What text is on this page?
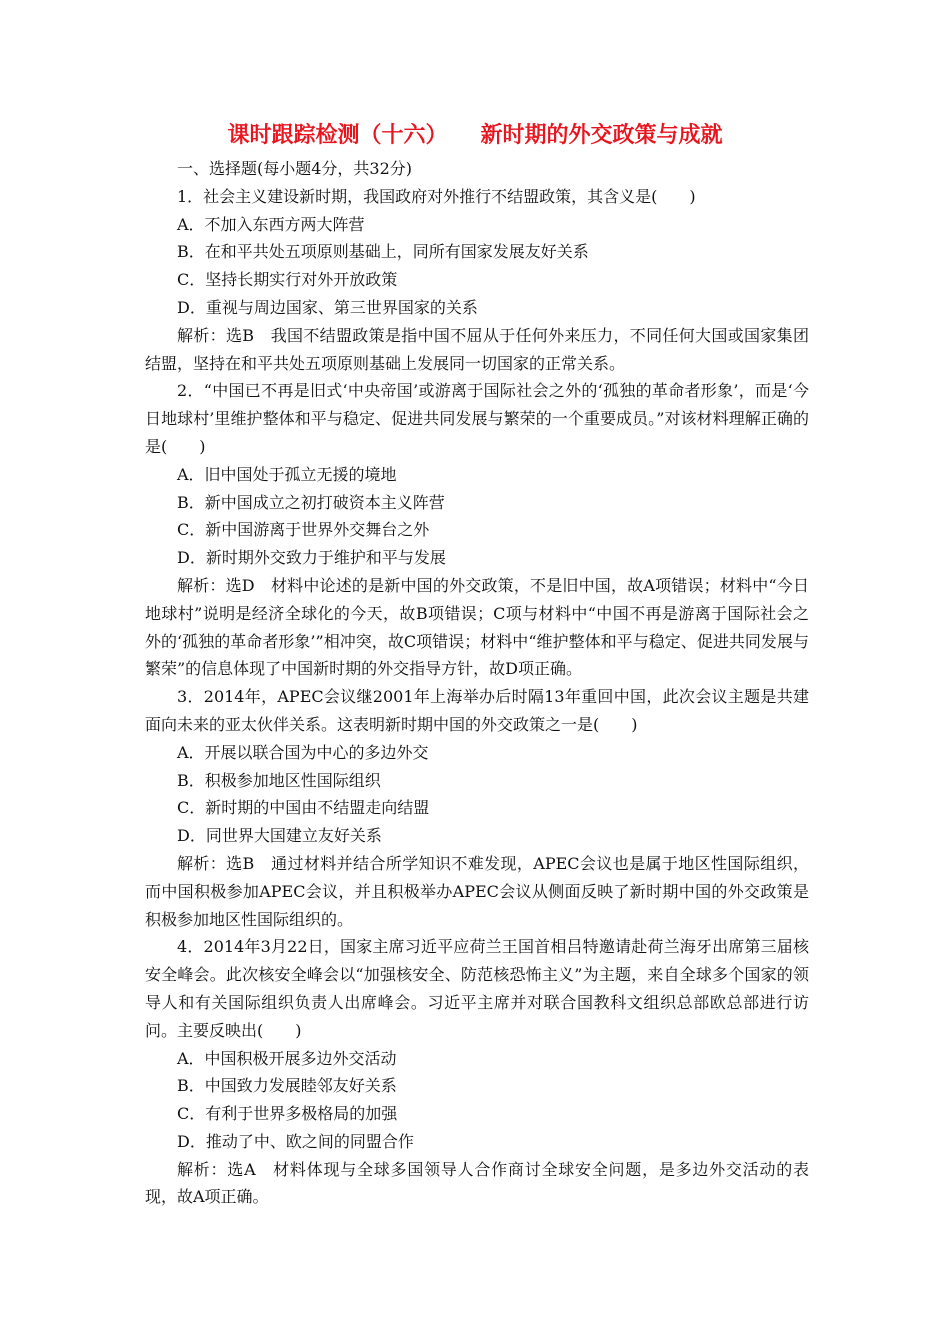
课时跟踪检测（十六）　　新时期的外交政策与成就

一、选择题(每小题4分，共32分)

1．社会主义建设新时期，我国政府对外推行不结盟政策，其含义是(　　)

A．不加入东西方两大阵营

B．在和平共处五项原则基础上，同所有国家发展友好关系

C．坚持长期实行对外开放政策

D．重视与周边国家、第三世界国家的关系

解析：选B　我国不结盟政策是指中国不屈从于任何外来压力，不同任何大国或国家集团结盟，坚持在和平共处五项原则基础上发展同一切国家的正常关系。

2．“中国已不再是旧式‘中央帝国’或游离于国际社会之外的‘孤独的革命者形象’，而是‘今日地球村’里维护整体和平与稳定、促进共同发展与繁荣的一个重要成员。”对该材料理解正确的是(　　)

A．旧中国处于孤立无援的境地

B．新中国成立之初打破资本主义阵营

C．新中国游离于世界外交舞台之外

D．新时期外交致力于维护和平与发展

解析：选D　材料中论述的是新中国的外交政策，不是旧中国，故A项错误；材料中“今日地球村”说明是经济全球化的今天，故B项错误；C项与材料中“中国不再是游离于国际社会之外的‘孤独的革命者形象’”相冲突，故C项错误；材料中“维护整体和平与稳定、促进共同发展与繁荣”的信息体现了中国新时期的外交指导方针，故D项正确。

3．2014年，APEC会议继2001年上海举办后时隔13年重回中国，此次会议主题是共建面向未来的亚太伙伴关系。这表明新时期中国的外交政策之一是(　　)

A．开展以联合国为中心的多边外交

B．积极参加地区性国际组织

C．新时期的中国由不结盟走向结盟

D．同世界大国建立友好关系

解析：选B　通过材料并结合所学知识不难发现，APEC会议也是属于地区性国际组织，而中国积极参加APEC会议，并且积极举办APEC会议从侧面反映了新时期中国的外交政策是积极参加地区性国际组织的。

4．2014年3月22日，国家主席习近平应荷兰王国首相吕特邀请赴荷兰海牙出席第三届核安全峰会。此次核安全峰会以“加强核安全、防范核恐怖主义”为主题，来自全球多个国家的领导人和有关国际组织负责人出席峰会。习近平主席并对联合国教科文组织总部欧总部进行访问。主要反映出(　　)

A．中国积极开展多边外交活动

B．中国致力发展睦邻友好关系

C．有利于世界多极格局的加强

D．推动了中、欧之间的同盟合作

解析：选A　材料体现与全球多国领导人合作商讨全球安全问题，是多边外交活动的表现，故A项正确。
